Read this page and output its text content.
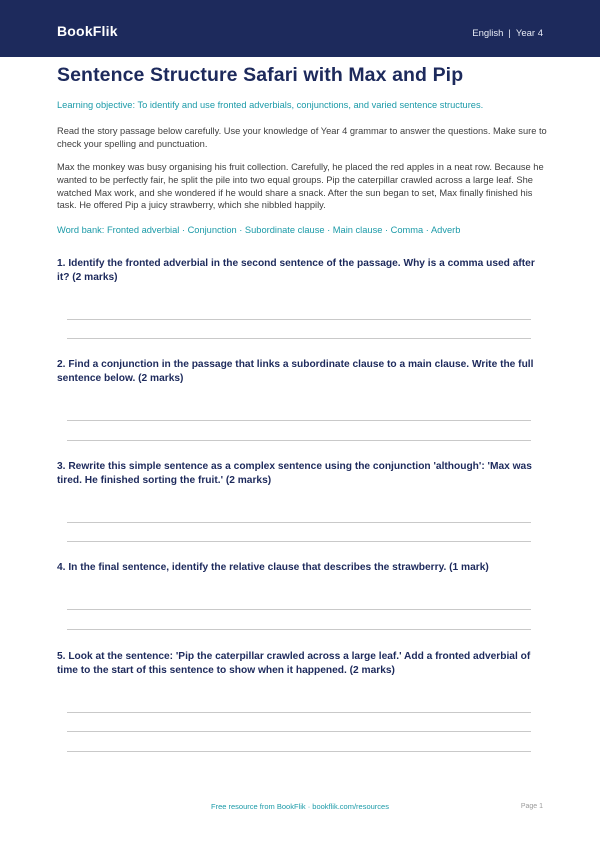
BookFlik	English | Year 4
Sentence Structure Safari with Max and Pip
Learning objective: To identify and use fronted adverbials, conjunctions, and varied sentence structures.

Read the story passage below carefully. Use your knowledge of Year 4 grammar to answer the questions. Make sure to check your spelling and punctuation.

Max the monkey was busy organising his fruit collection. Carefully, he placed the red apples in a neat row. Because he wanted to be perfectly fair, he split the pile into two equal groups. Pip the caterpillar crawled across a large leaf. She watched Max work, and she wondered if he would share a snack. After the sun began to set, Max finally finished his task. He offered Pip a juicy strawberry, which she nibbled happily.

Word bank: Fronted adverbial · Conjunction · Subordinate clause · Main clause · Comma · Adverb

1. Identify the fronted adverbial in the second sentence of the passage. Why is a comma used after it? (2 marks)

2. Find a conjunction in the passage that links a subordinate clause to a main clause. Write the full sentence below. (2 marks)

3. Rewrite this simple sentence as a complex sentence using the conjunction 'although': 'Max was tired. He finished sorting the fruit.' (2 marks)

4. In the final sentence, identify the relative clause that describes the strawberry. (1 mark)

5. Look at the sentence: 'Pip the caterpillar crawled across a large leaf.' Add a fronted adverbial of time to the start of this sentence to show when it happened. (2 marks)

Free resource from BookFlik · bookflik.com/resources	Page 1
